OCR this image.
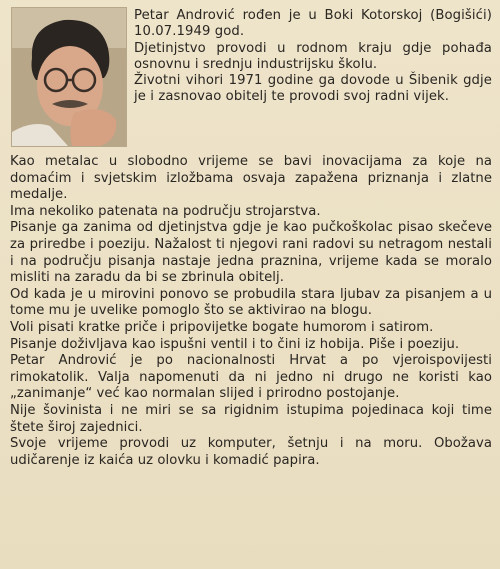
Petar Andrović rođen je u Boki Kotorskoj (Bogišići) 10.07.1949 god.

Djetinjstvo provodi u rodnom kraju gdje pohađa osnovnu i srednju industrijsku školu.

Životni vihori 1971 godine ga dovode u Šibenik gdje je i zasnovao obitelj te provodi svoj radni vijek.

Kao metalac u slobodno vrijeme se bavi inovacijama za koje na domaćim i svjetskim izložbama osvaja zapažena priznanja i zlatne medalje.

Ima nekoliko patenata na području strojarstva.

Pisanje ga zanima od djetinjstva gdje je kao pučkoškolac pisao skečeve za priredbe i poeziju. Nažalost ti njegovi rani radovi su netragom nestali i na području pisanja nastaje jedna praznina, vrijeme kada se moralo misliti na zaradu da bi se zbrinula obitelj.

Od kada je u mirovini ponovo se probudila stara ljubav za pisanjem a u tome mu je uvelike pomoglo što se aktivirao na blogu.

Voli pisati kratke priče i pripovijetke bogate humorom i satirom.

Pisanje doživljava kao ispušni ventil i to čini iz hobija. Piše i poeziju.

Petar Andrović je po nacionalnosti Hrvat a po vjeroispovijesti rimokatolik. Valja napomenuti da ni jedno ni drugo ne koristi kao „zanimanje“ već kao normalan slijed i prirodno postojanje.

Nije šovinista i ne miri se sa rigidnim istupima pojedinaca koji time štete široj zajednici.

Svoje vrijeme provodi uz komputer, šetnju i na moru. Obožava udičarenje iz kaića uz olovku i komadić papira.
